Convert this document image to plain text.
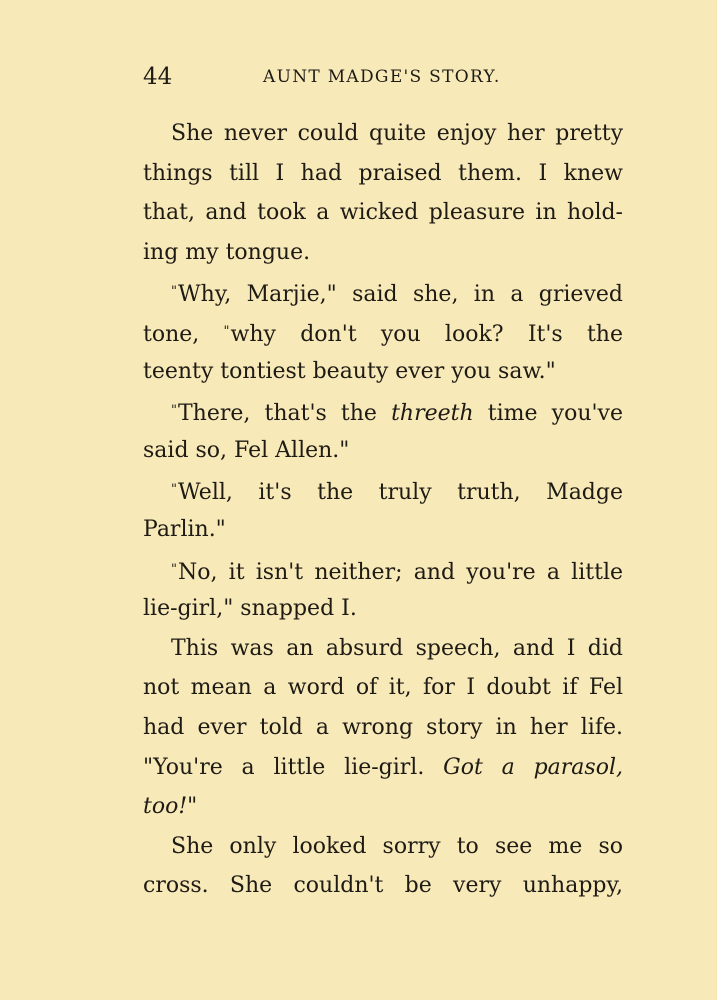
44	AUNT MADGE'S STORY.
She never could quite enjoy her pretty
things till I had praised them. I knew
that, and took a wicked pleasure in hold-
ing my tongue.
"Why, Marjie," said she, in a grieved
tone, "why don't you look? It's the
teenty tontiest beauty ever you saw."
"There, that's the threeth time you've
said so, Fel Allen."
"Well, it's the truly truth, Madge
Parlin."
"No, it isn't neither; and you're a little
lie-girl," snapped I.
This was an absurd speech, and I did
not mean a word of it, for I doubt if Fel
had ever told a wrong story in her life.
"You're a little lie-girl. Got a parasol,
too!"
She only looked sorry to see me so
cross. She couldn't be very unhappy,
